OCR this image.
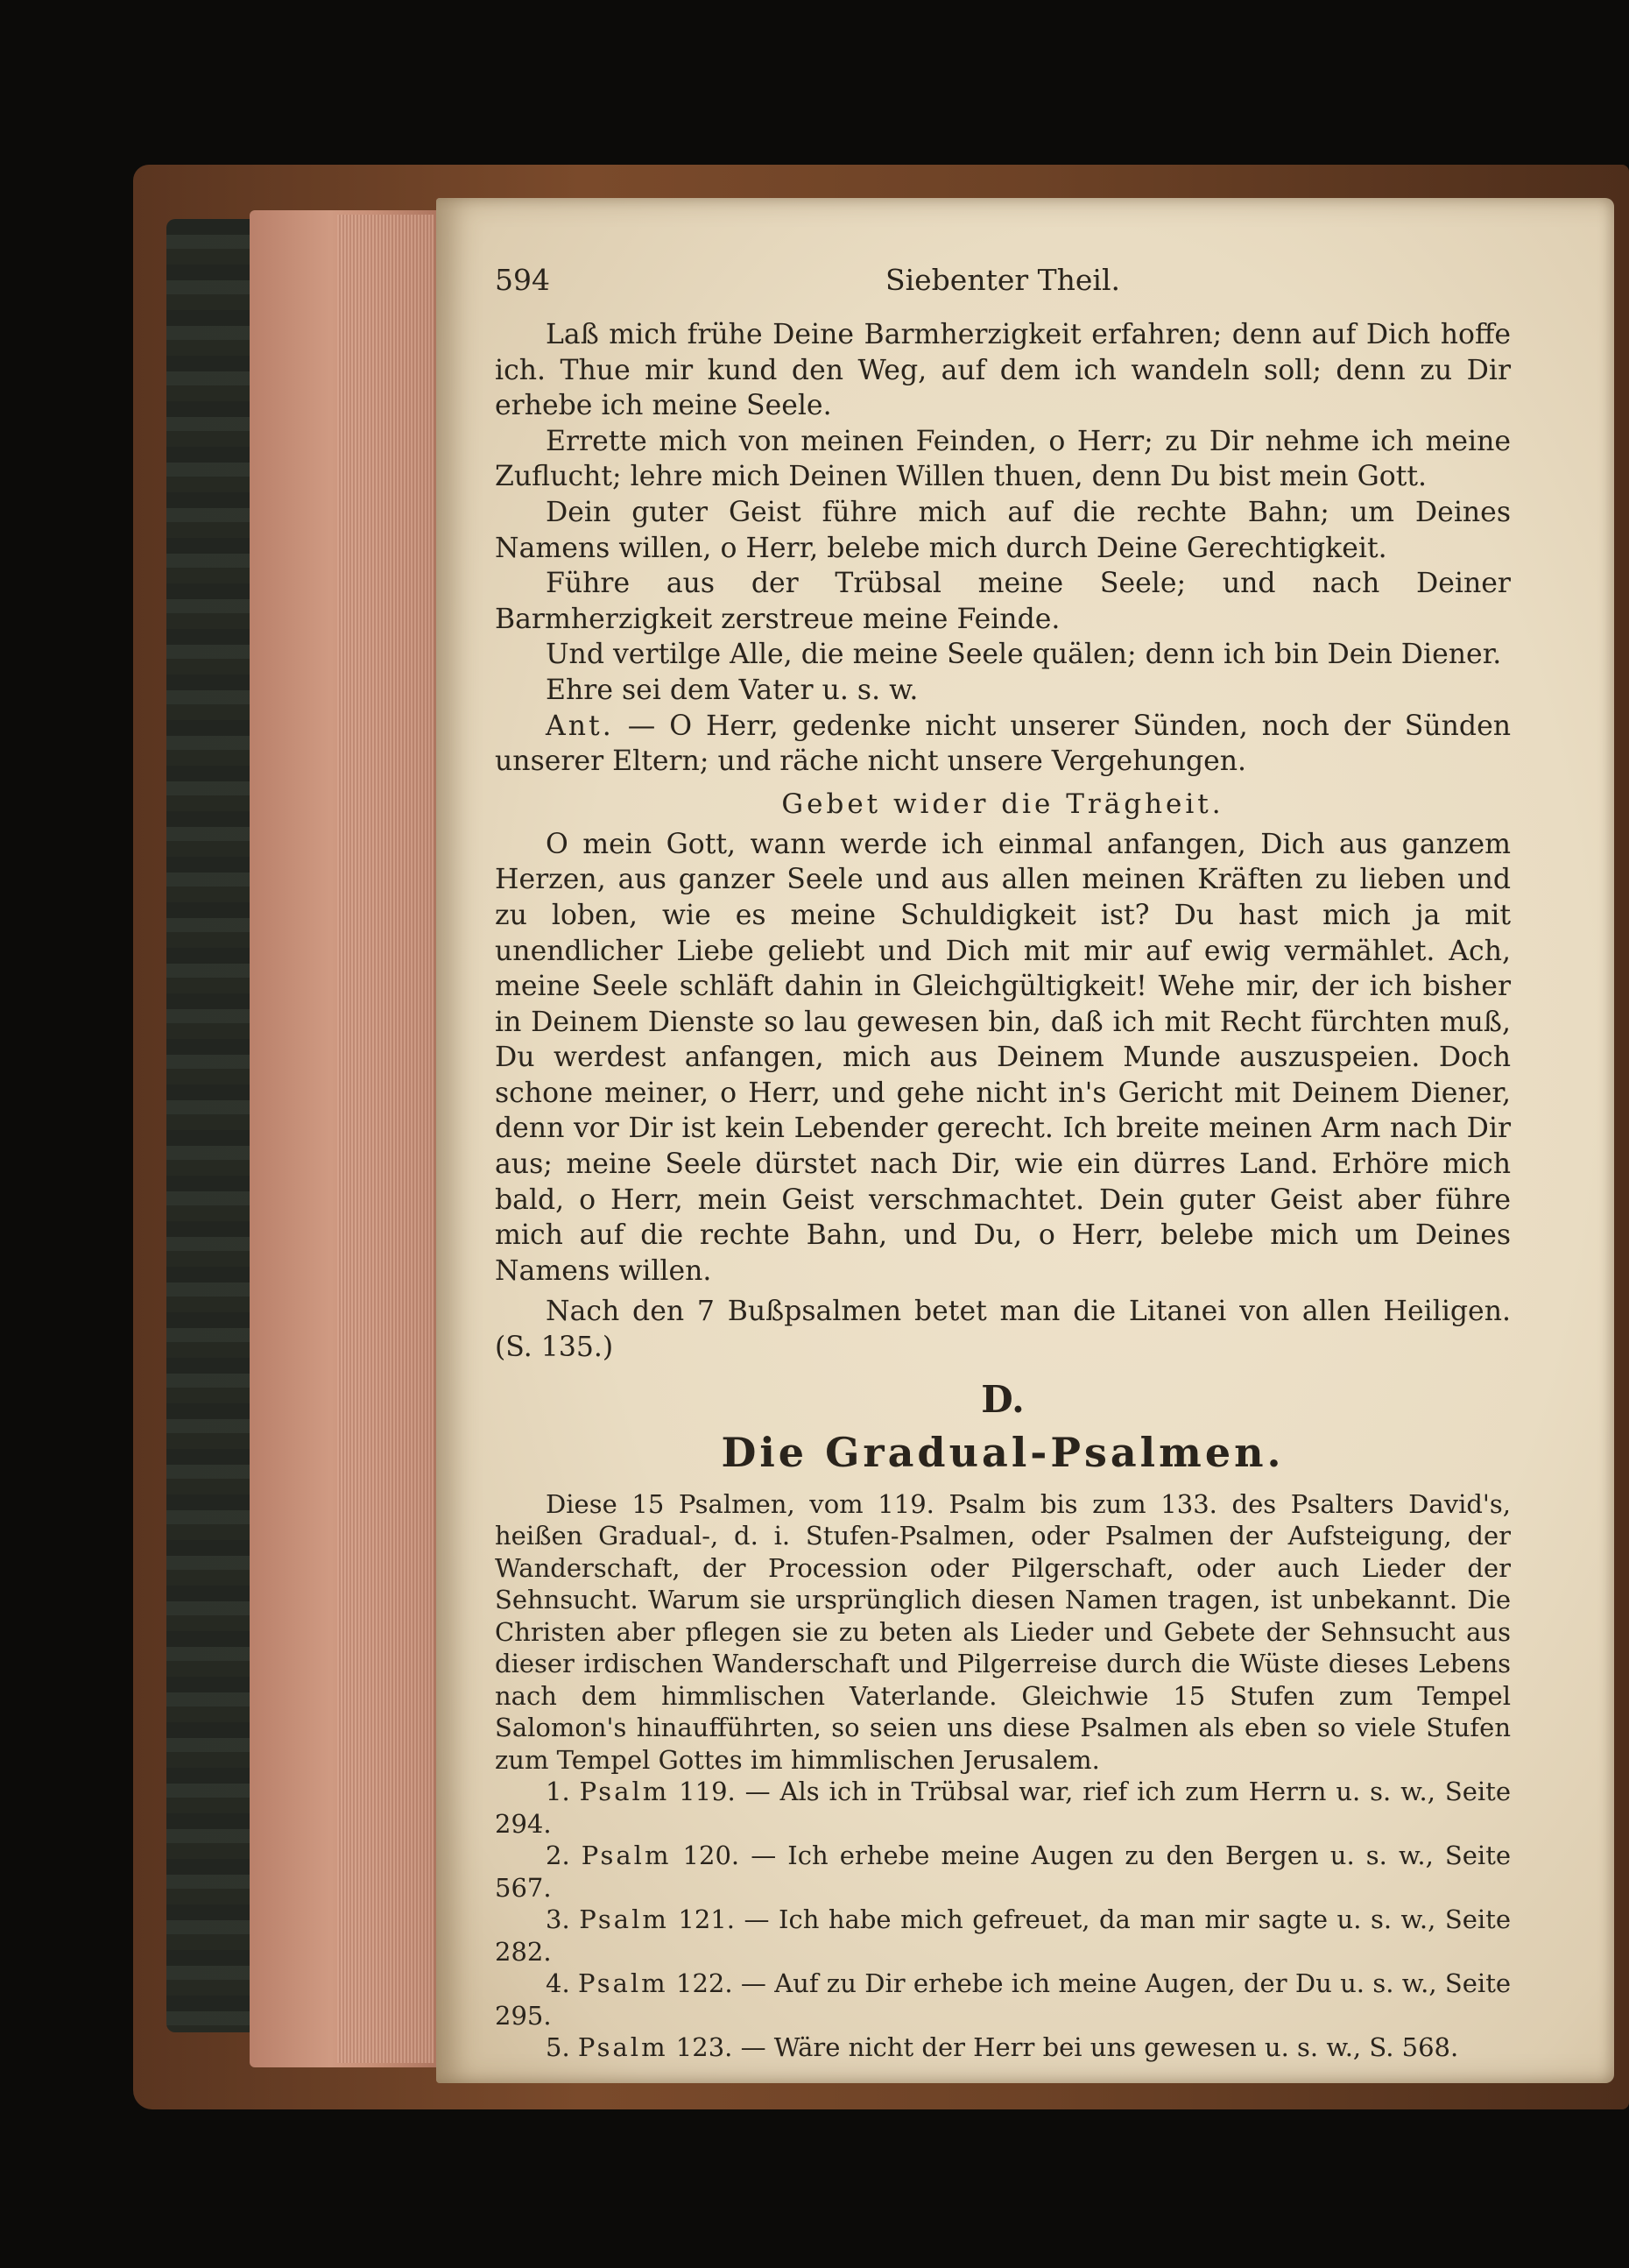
594	Siebenter Theil.

Laß mich frühe Deine Barmherzigkeit erfahren; denn auf Dich hoffe ich. Thue mir kund den Weg, auf dem ich wandeln soll; denn zu Dir erhebe ich meine Seele.

Errette mich von meinen Feinden, o Herr; zu Dir nehme ich meine Zuflucht; lehre mich Deinen Willen thuen, denn Du bist mein Gott.

Dein guter Geist führe mich auf die rechte Bahn; um Deines Namens willen, o Herr, belebe mich durch Deine Gerechtigkeit.

Führe aus der Trübsal meine Seele; und nach Deiner Barmherzigkeit zerstreue meine Feinde.

Und vertilge Alle, die meine Seele quälen; denn ich bin Dein Diener.

Ehre sei dem Vater u. s. w.

Ant. — O Herr, gedenke nicht unserer Sünden, noch der Sünden unserer Eltern; und räche nicht unsere Vergehungen.

Gebet wider die Trägheit.

O mein Gott, wann werde ich einmal anfangen, Dich aus ganzem Herzen, aus ganzer Seele und aus allen meinen Kräften zu lieben und zu loben, wie es meine Schuldigkeit ist? Du hast mich ja mit unendlicher Liebe geliebt und Dich mit mir auf ewig vermählet. Ach, meine Seele schläft dahin in Gleichgültigkeit! Wehe mir, der ich bisher in Deinem Dienste so lau gewesen bin, daß ich mit Recht fürchten muß, Du werdest anfangen, mich aus Deinem Munde auszuspeien. Doch schone meiner, o Herr, und gehe nicht in's Gericht mit Deinem Diener, denn vor Dir ist kein Lebender gerecht. Ich breite meinen Arm nach Dir aus; meine Seele dürstet nach Dir, wie ein dürres Land. Erhöre mich bald, o Herr, mein Geist verschmachtet. Dein guter Geist aber führe mich auf die rechte Bahn, und Du, o Herr, belebe mich um Deines Namens willen.

Nach den 7 Bußpsalmen betet man die Litanei von allen Heiligen. (S. 135.)

D.
Die Gradual-Psalmen.

Diese 15 Psalmen, vom 119. Psalm bis zum 133. des Psalters David's, heißen Gradual-, d. i. Stufen-Psalmen, oder Psalmen der Aufsteigung, der Wanderschaft, der Procession oder Pilgerschaft, oder auch Lieder der Sehnsucht. Warum sie ursprünglich diesen Namen tragen, ist unbekannt. Die Christen aber pflegen sie zu beten als Lieder und Gebete der Sehnsucht aus dieser irdischen Wanderschaft und Pilgerreise durch die Wüste dieses Lebens nach dem himmlischen Vaterlande. Gleichwie 15 Stufen zum Tempel Salomon's hinaufführten, so seien uns diese Psalmen als eben so viele Stufen zum Tempel Gottes im himmlischen Jerusalem.

1. Psalm 119. — Als ich in Trübsal war, rief ich zum Herrn u. s. w., Seite 294.

2. Psalm 120. — Ich erhebe meine Augen zu den Bergen u. s. w., Seite 567.

3. Psalm 121. — Ich habe mich gefreuet, da man mir sagte u. s. w., Seite 282.

4. Psalm 122. — Auf zu Dir erhebe ich meine Augen, der Du u. s. w., Seite 295.

5. Psalm 123. — Wäre nicht der Herr bei uns gewesen u. s. w., S. 568.
